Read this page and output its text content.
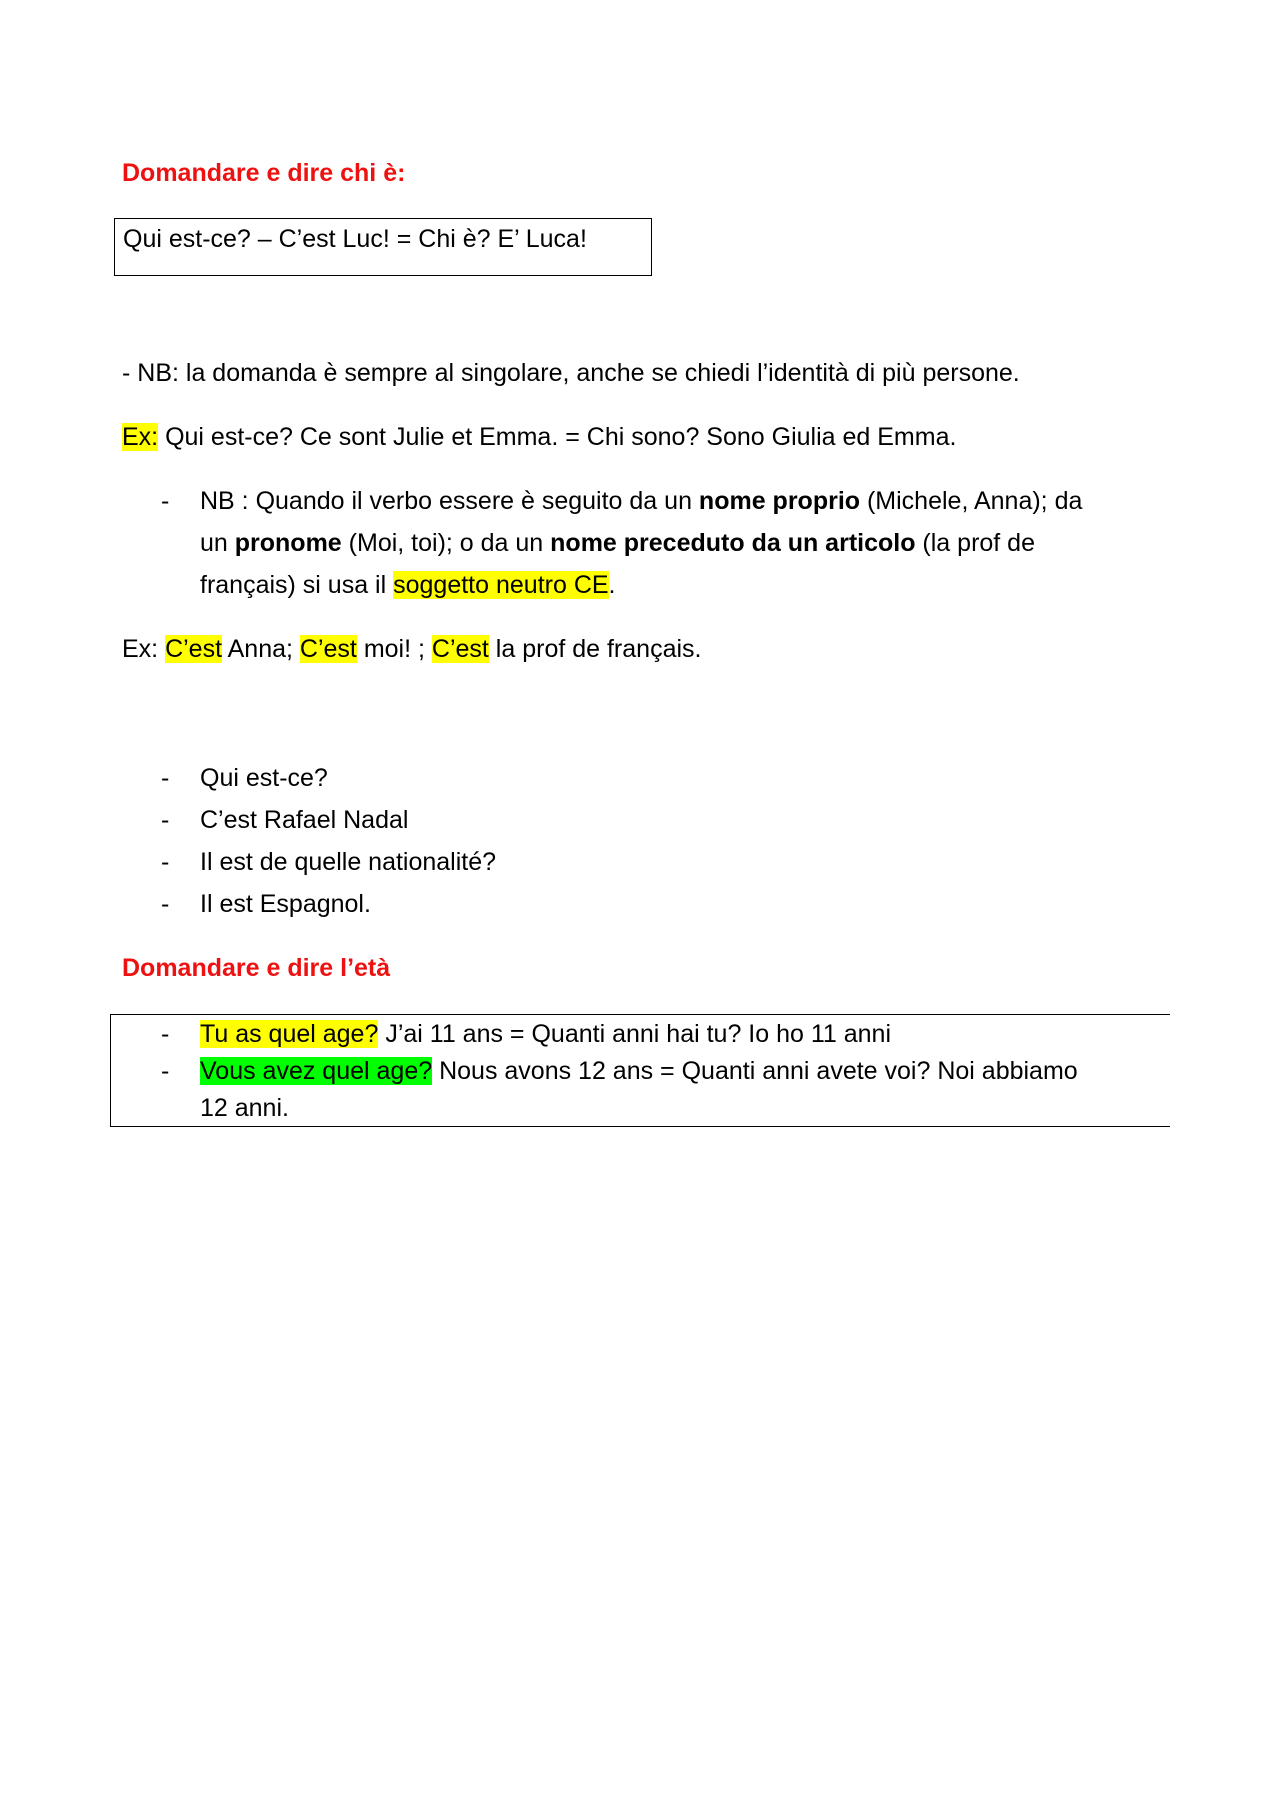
Domandare e dire chi è:
Qui est-ce? – C’est Luc! = Chi è? E’ Luca!
- NB: la domanda è sempre al singolare, anche se chiedi l’identità di più persone.
Ex: Qui est-ce? Ce sont Julie et Emma. = Chi sono? Sono Giulia ed Emma.
- NB : Quando il verbo essere è seguito da un nome proprio (Michele, Anna); da
un pronome (Moi, toi); o da un nome preceduto da un articolo (la prof de
français) si usa il soggetto neutro CE.
Ex: C’est Anna; C’est moi! ; C’est la prof de français.
- Qui est-ce?
- C’est Rafael Nadal
- Il est de quelle nationalité?
- Il est Espagnol.
Domandare e dire l’età
- Tu as quel age? J’ai 11 ans = Quanti anni hai tu? Io ho 11 anni
- Vous avez quel age? Nous avons 12 ans = Quanti anni avete voi? Noi abbiamo
12 anni.
